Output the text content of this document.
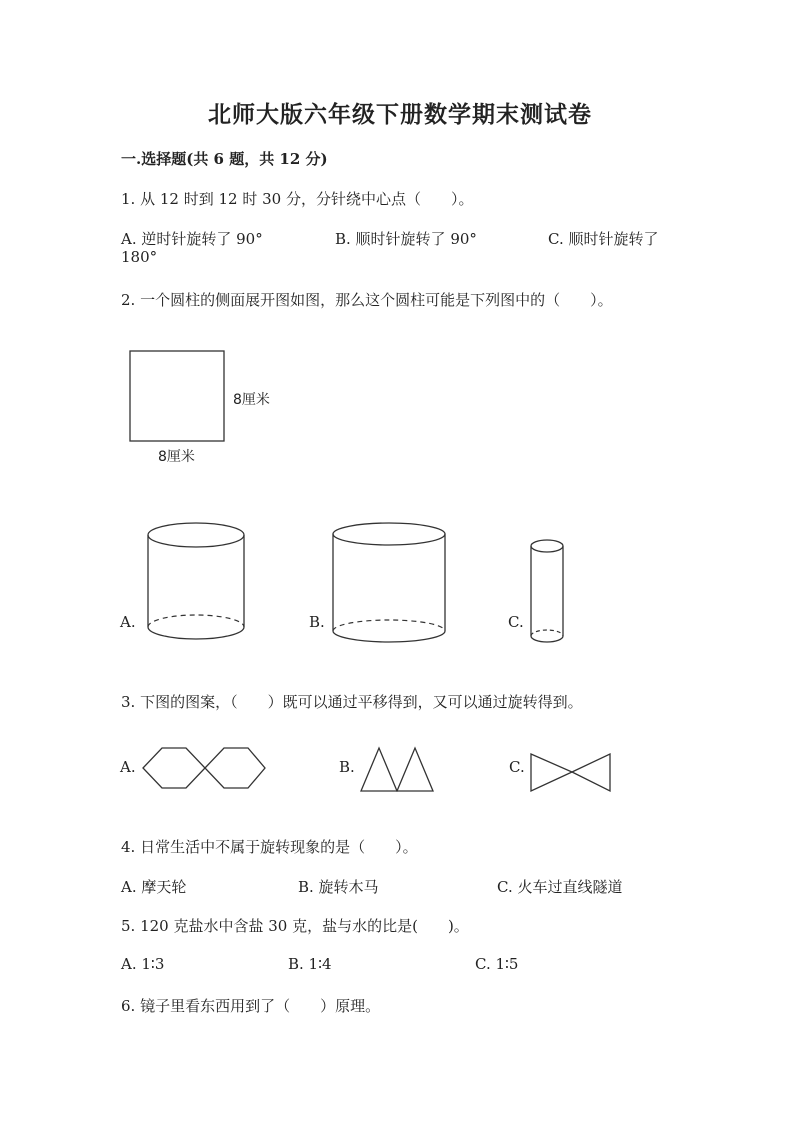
北师大版六年级下册数学期末测试卷
一.选择题(共 6 题，共 12 分)
1. 从 12 时到 12 时 30 分，分针绕中心点（　　）。
A. 逆时针旋转了 90°	B. 顺时针旋转了 90°	C. 顺时针旋转了
180°
2. 一个圆柱的侧面展开图如图，那么这个圆柱可能是下列图中的（　　）。
8厘米
8厘米
A.	B.	C.
3. 下图的图案，（　　）既可以通过平移得到，又可以通过旋转得到。
A.	B.	C.
4. 日常生活中不属于旋转现象的是（　　）。
A. 摩天轮	B. 旋转木马	C. 火车过直线隧道
5. 120 克盐水中含盐 30 克，盐与水的比是(　　)。
A. 1∶3	B. 1∶4	C. 1∶5
6. 镜子里看东西用到了（　　）原理。
